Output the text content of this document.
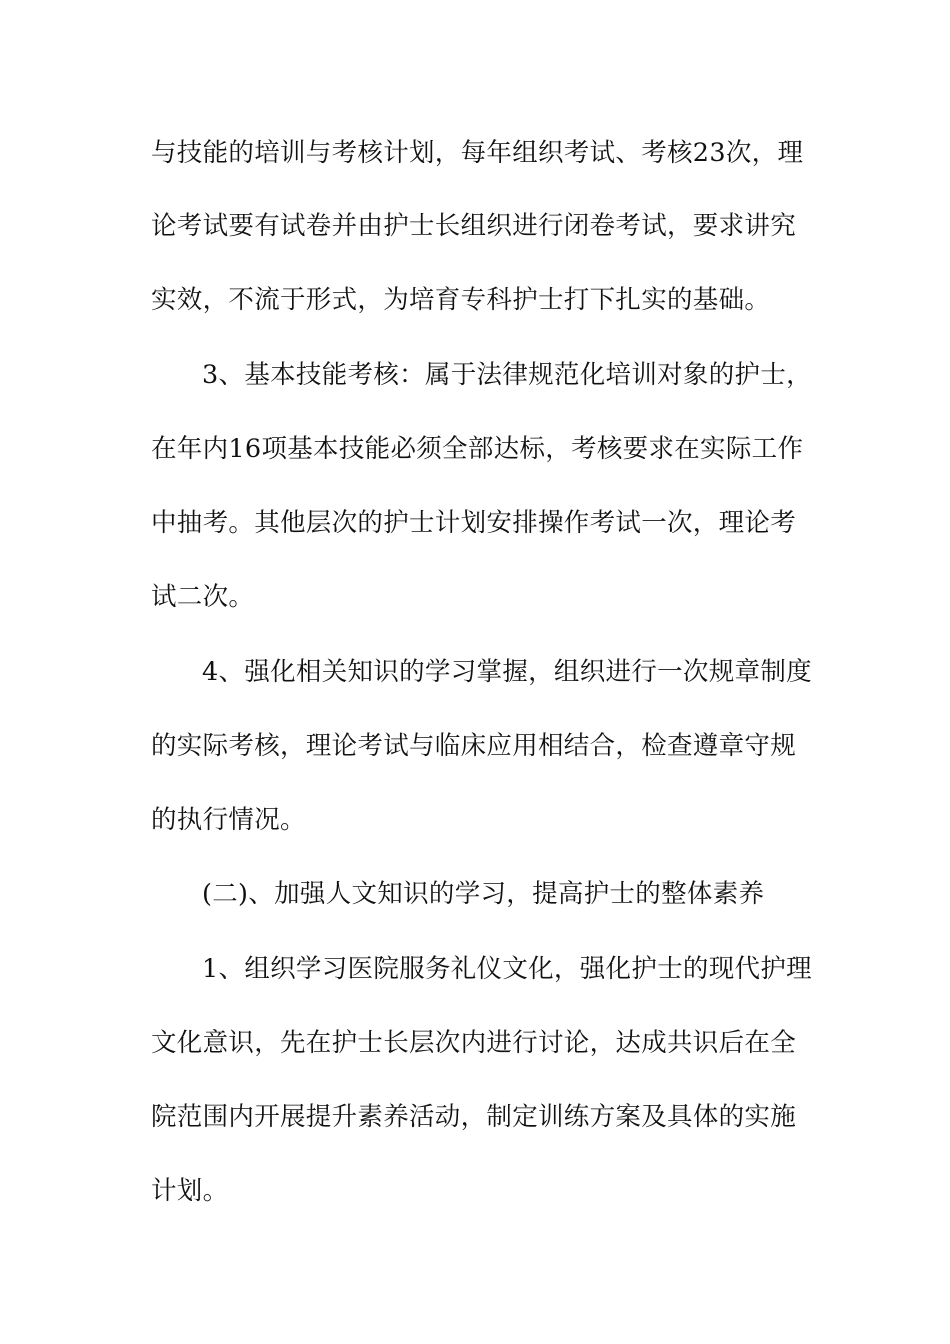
与技能的培训与考核计划，每年组织考试、考核23次，理
论考试要有试卷并由护士长组织进行闭卷考试，要求讲究
实效，不流于形式，为培育专科护士打下扎实的基础。
3、基本技能考核：属于法律规范化培训对象的护士，
在年内16项基本技能必须全部达标，考核要求在实际工作
中抽考。其他层次的护士计划安排操作考试一次，理论考
试二次。
4、强化相关知识的学习掌握，组织进行一次规章制度
的实际考核，理论考试与临床应用相结合，检查遵章守规
的执行情况。
(二)、加强人文知识的学习，提高护士的整体素养
1、组织学习医院服务礼仪文化，强化护士的现代护理
文化意识，先在护士长层次内进行讨论，达成共识后在全
院范围内开展提升素养活动，制定训练方案及具体的实施
计划。
